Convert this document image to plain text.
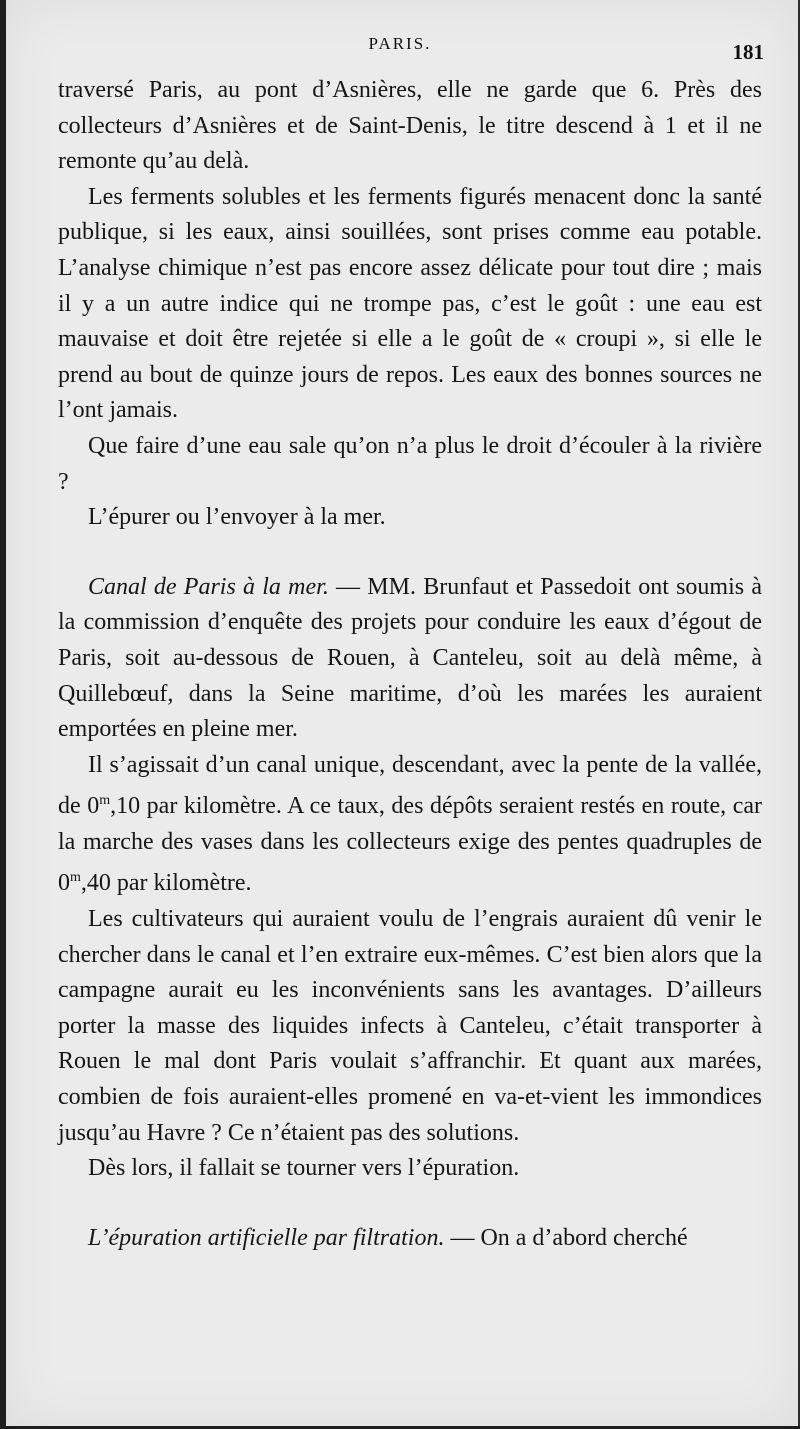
PARIS.	181

traversé Paris, au pont d’Asnières, elle ne garde que 6. Près des collecteurs d’Asnières et de Saint-Denis, le titre descend à 1 et il ne remonte qu’au delà.

Les ferments solubles et les ferments figurés menacent donc la santé publique, si les eaux, ainsi souillées, sont prises comme eau potable. L’analyse chimique n’est pas encore assez délicate pour tout dire ; mais il y a un autre indice qui ne trompe pas, c’est le goût : une eau est mauvaise et doit être rejetée si elle a le goût de « croupi », si elle le prend au bout de quinze jours de repos. Les eaux des bonnes sources ne l’ont jamais.

Que faire d’une eau sale qu’on n’a plus le droit d’écouler à la rivière ?

L’épurer ou l’envoyer à la mer.

Canal de Paris à la mer. — MM. Brunfaut et Passedoit ont soumis à la commission d’enquête des projets pour conduire les eaux d’égout de Paris, soit au-dessous de Rouen, à Canteleu, soit au delà même, à Quillebœuf, dans la Seine maritime, d’où les marées les auraient emportées en pleine mer.

Il s’agissait d’un canal unique, descendant, avec la pente de la vallée, de 0$^m$,10 par kilomètre. A ce taux, des dépôts seraient restés en route, car la marche des vases dans les collecteurs exige des pentes quadruples de 0$^m$,40 par kilomètre.

Les cultivateurs qui auraient voulu de l’engrais auraient dû venir le chercher dans le canal et l’en extraire eux-mêmes. C’est bien alors que la campagne aurait eu les inconvénients sans les avantages. D’ailleurs porter la masse des liquides infects à Canteleu, c’était transporter à Rouen le mal dont Paris voulait s’affranchir. Et quant aux marées, combien de fois auraient-elles promené en va-et-vient les immondices jusqu’au Havre ? Ce n’étaient pas des solutions.

Dès lors, il fallait se tourner vers l’épuration.

L’épuration artificielle par filtration. — On a d’abord cherché
